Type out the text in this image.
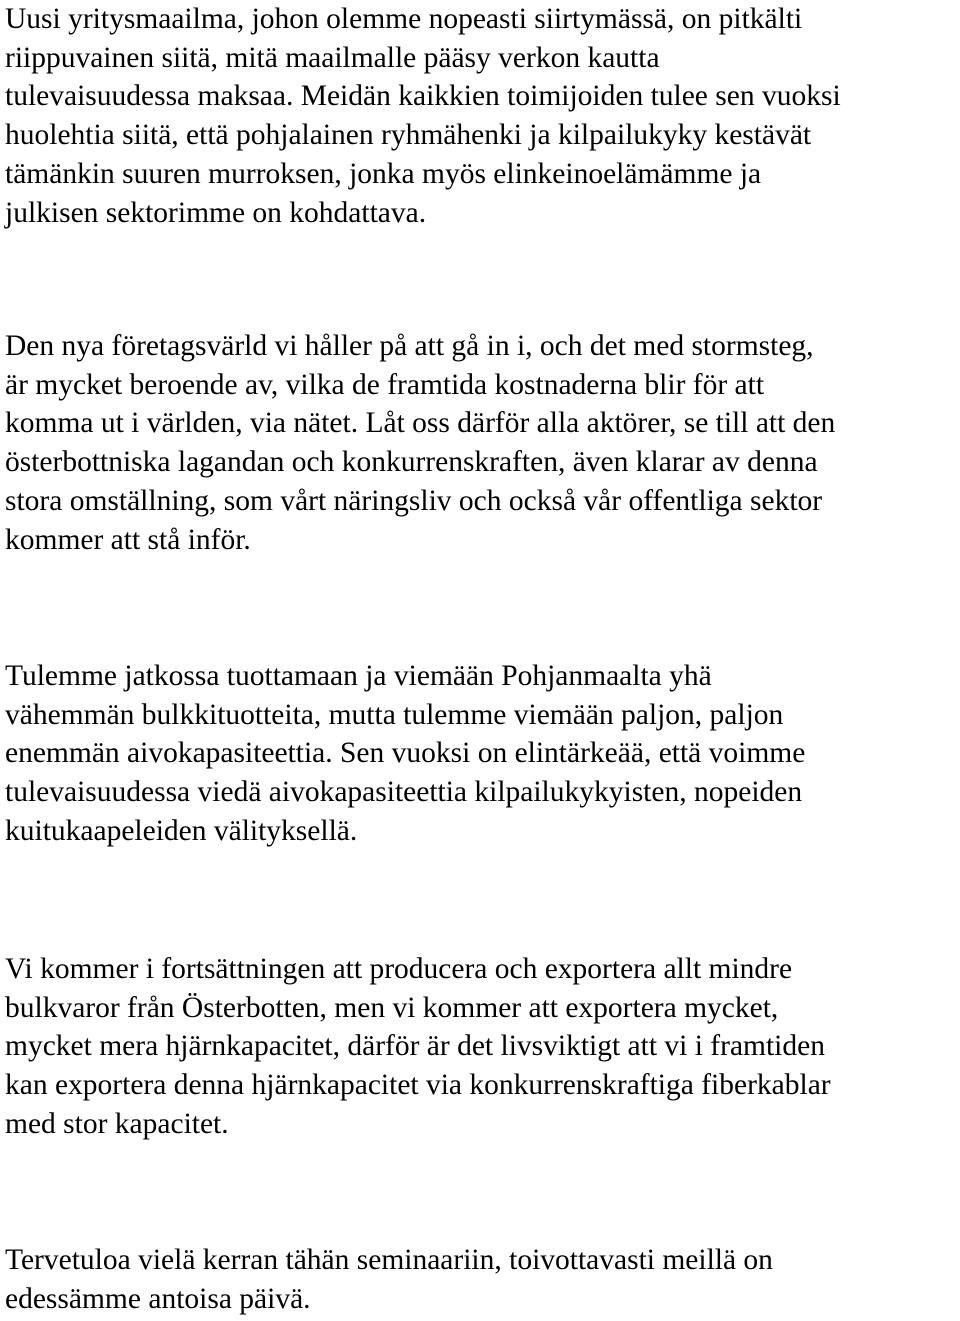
Uusi yritysmaailma, johon olemme nopeasti siirtymässä, on pitkälti
riippuvainen siitä, mitä maailmalle pääsy verkon kautta
tulevaisuudessa maksaa. Meidän kaikkien toimijoiden tulee sen vuoksi
huolehtia siitä, että pohjalainen ryhmähenki ja kilpailukyky kestävät
tämänkin suuren murroksen, jonka myös elinkeinoelämämme ja
julkisen sektorimme on kohdattava.

Den nya företagsvärld vi håller på att gå in i, och det med stormsteg,
är mycket beroende av, vilka de framtida kostnaderna blir för att
komma ut i världen, via nätet. Låt oss därför alla aktörer, se till att den
österbottniska lagandan och konkurrenskraften, även klarar av denna
stora omställning, som vårt näringsliv och också vår offentliga sektor
kommer att stå inför.

Tulemme jatkossa tuottamaan ja viemään Pohjanmaalta yhä
vähemmän bulkkituotteita, mutta tulemme viemään paljon, paljon
enemmän aivokapasiteettia. Sen vuoksi on elintärkeää, että voimme
tulevaisuudessa viedä aivokapasiteettia kilpailukykyisten, nopeiden
kuitukaapeleiden välityksellä.

Vi kommer i fortsättningen att producera och exportera allt mindre
bulkvaror från Österbotten, men vi kommer att exportera mycket,
mycket mera hjärnkapacitet, därför är det livsviktigt att vi i framtiden
kan exportera denna hjärnkapacitet via konkurrenskraftiga fiberkablar
med stor kapacitet.

Tervetuloa vielä kerran tähän seminaariin, toivottavasti meillä on
edessämme antoisa päivä.
